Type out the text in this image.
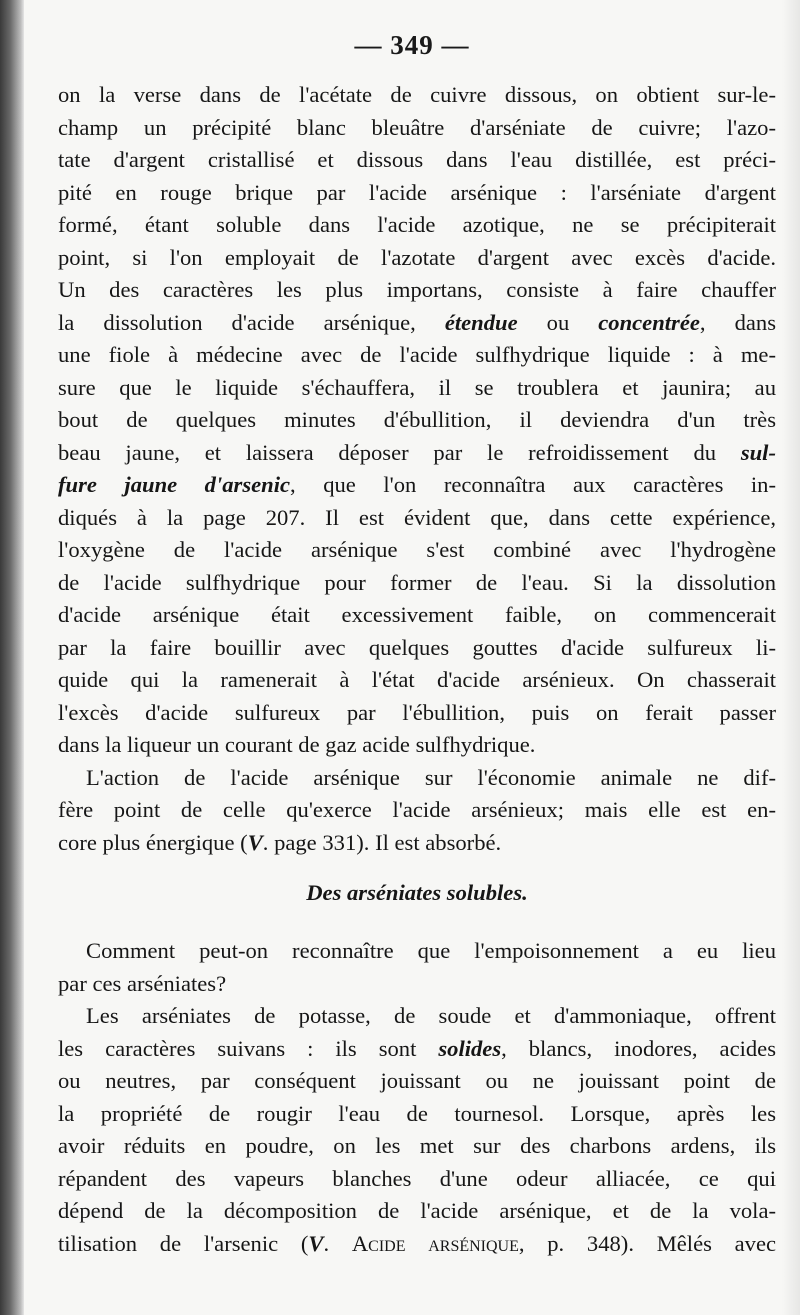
— 349 —
on la verse dans de l'acétate de cuivre dissous, on obtient sur-le-
champ un précipité blanc bleuâtre d'arséniate de cuivre; l'azo-
tate d'argent cristallisé et dissous dans l'eau distillée, est préci-
pité en rouge brique par l'acide arsénique : l'arséniate d'argent
formé, étant soluble dans l'acide azotique, ne se précipiterait
point, si l'on employait de l'azotate d'argent avec excès d'acide.
Un des caractères les plus importans, consiste à faire chauffer
la dissolution d'acide arsénique, étendue ou concentrée, dans
une fiole à médecine avec de l'acide sulfhydrique liquide : à me-
sure que le liquide s'échauffera, il se troublera et jaunira; au
bout de quelques minutes d'ébullition, il deviendra d'un très
beau jaune, et laissera déposer par le refroidissement du sul-
fure jaune d'arsenic, que l'on reconnaîtra aux caractères in-
diqués à la page 207. Il est évident que, dans cette expérience,
l'oxygène de l'acide arsénique s'est combiné avec l'hydrogène
de l'acide sulfhydrique pour former de l'eau. Si la dissolution
d'acide arsénique était excessivement faible, on commencerait
par la faire bouillir avec quelques gouttes d'acide sulfureux li-
quide qui la ramenerait à l'état d'acide arsénieux. On chasserait
l'excès d'acide sulfureux par l'ébullition, puis on ferait passer
dans la liqueur un courant de gaz acide sulfhydrique.
L'action de l'acide arsénique sur l'économie animale ne dif-
fère point de celle qu'exerce l'acide arsénieux; mais elle est en-
core plus énergique (V. page 331). Il est absorbé.
Des arséniates solubles.
Comment peut-on reconnaître que l'empoisonnement a eu lieu
par ces arséniates?
Les arséniates de potasse, de soude et d'ammoniaque, offrent
les caractères suivans : ils sont solides, blancs, inodores, acides
ou neutres, par conséquent jouissant ou ne jouissant point de
la propriété de rougir l'eau de tournesol. Lorsque, après les
avoir réduits en poudre, on les met sur des charbons ardens, ils
répandent des vapeurs blanches d'une odeur alliacée, ce qui
dépend de la décomposition de l'acide arsénique, et de la vola-
tilisation de l'arsenic (V. Acide arsénique, p. 348). Mêlés avec
